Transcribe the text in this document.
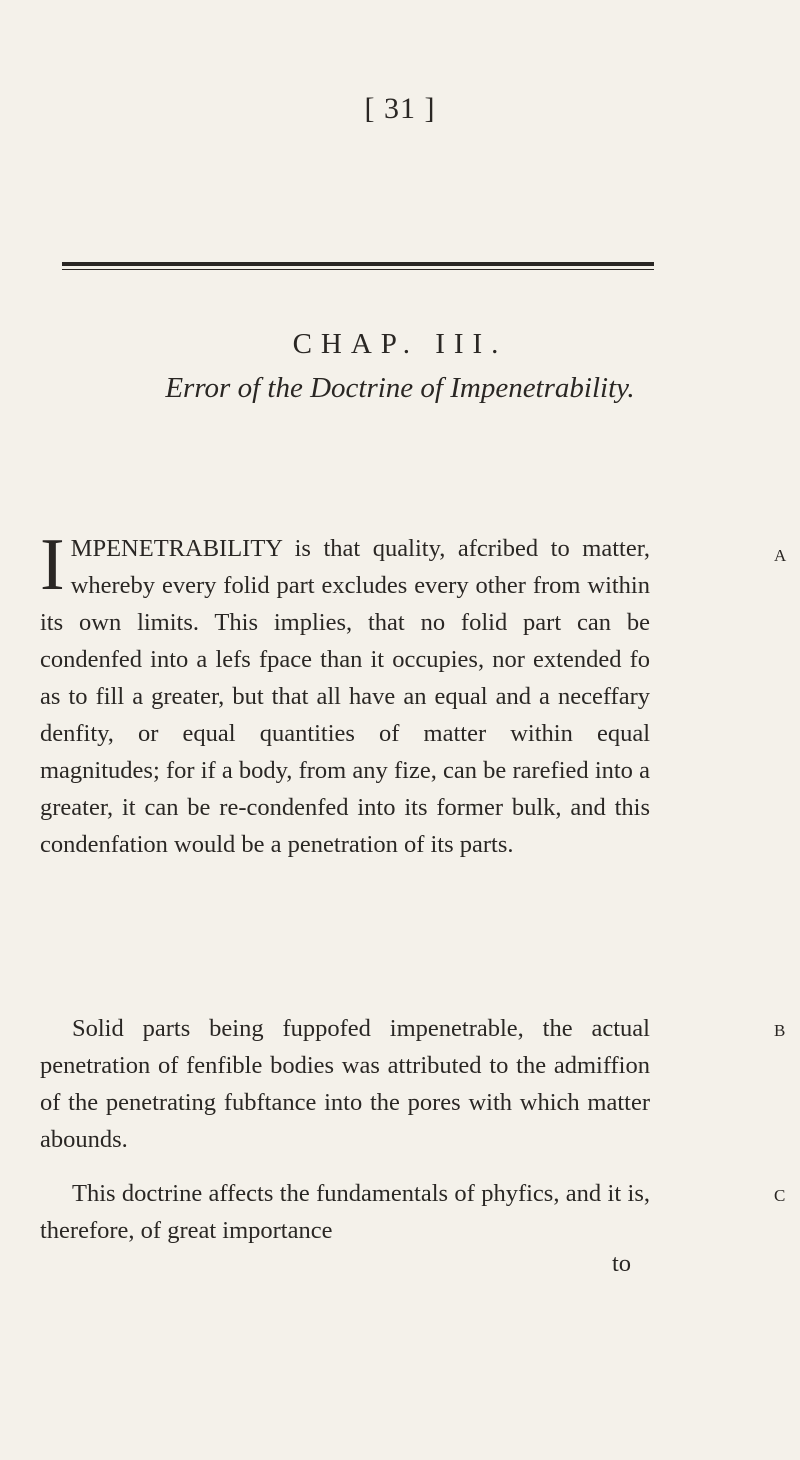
[ 31 ]
CHAP. III.
Error of the Doctrine of Impenetrability.
IMPENETRABILITY is that quality, afcribed to matter, whereby every folid part excludes every other from within its own limits. This implies, that no folid part can be condenfed into a lefs fpace than it occupies, nor extended fo as to fill a greater, but that all have an equal and a neceffary denfity, or equal quantities of matter within equal magnitudes; for if a body, from any fize, can be rarefied into a greater, it can be re-condenfed into its former bulk, and this condenfation would be a penetration of its parts.
Solid parts being fuppofed impenetrable, the actual penetration of fenfible bodies was attributed to the admiffion of the penetrating fubftance into the pores with which matter abounds.
This doctrine affects the fundamentals of phyfics, and it is, therefore, of great importance
A
B
C
to
